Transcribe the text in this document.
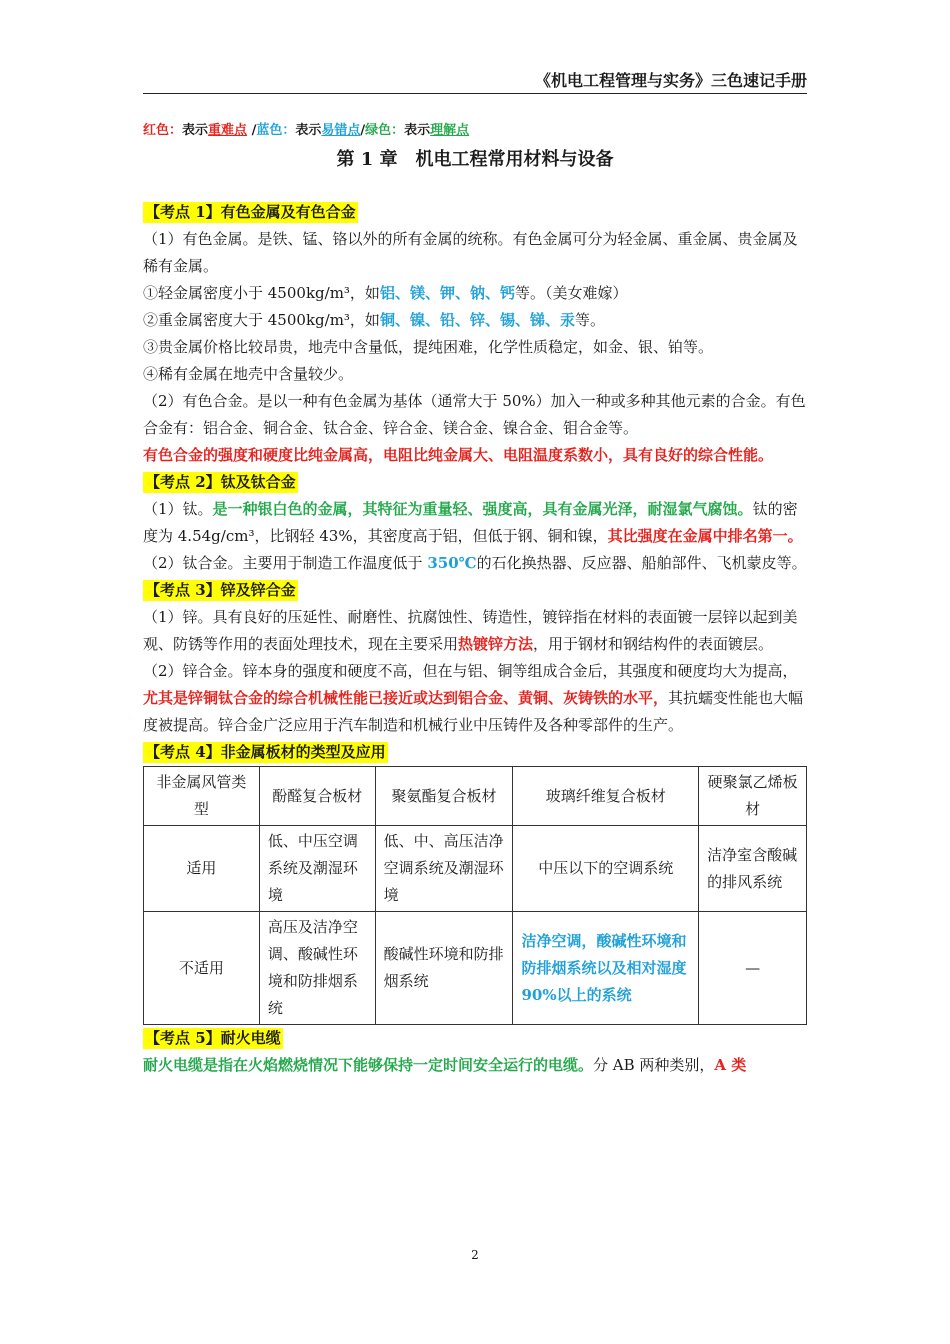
《机电工程管理与实务》三色速记手册
红色：表示重难点 /蓝色：表示易错点/绿色：表示理解点
第 1 章　机电工程常用材料与设备
【考点 1】有色金属及有色合金

（1）有色金属。是铁、锰、铬以外的所有金属的统称。有色金属可分为轻金属、重金属、贵金属及稀有金属。

①轻金属密度小于 4500kg/m³，如铝、镁、钾、钠、钙等。（美女难嫁）

②重金属密度大于 4500kg/m³，如铜、镍、铅、锌、锡、锑、汞等。

③贵金属价格比较昂贵，地壳中含量低，提纯困难，化学性质稳定，如金、银、铂等。

④稀有金属在地壳中含量较少。

（2）有色合金。是以一种有色金属为基体（通常大于 50%）加入一种或多种其他元素的合金。有色合金有：铝合金、铜合金、钛合金、锌合金、镁合金、镍合金、钼合金等。

有色合金的强度和硬度比纯金属高，电阻比纯金属大、电阻温度系数小，具有良好的综合性能。

【考点 2】钛及钛合金

（1）钛。是一种银白色的金属，其特征为重量轻、强度高，具有金属光泽，耐湿氯气腐蚀。钛的密度为 4.54g/cm³，比钢轻 43%，其密度高于铝，但低于钢、铜和镍，其比强度在金属中排名第一。

（2）钛合金。主要用于制造工作温度低于 350℃的石化换热器、反应器、船舶部件、飞机蒙皮等。

【考点 3】锌及锌合金

（1）锌。具有良好的压延性、耐磨性、抗腐蚀性、铸造性，镀锌指在材料的表面镀一层锌以起到美观、防锈等作用的表面处理技术，现在主要采用热镀锌方法，用于钢材和钢结构件的表面镀层。

（2）锌合金。锌本身的强度和硬度不高，但在与铝、铜等组成合金后，其强度和硬度均大为提高，尤其是锌铜钛合金的综合机械性能已接近或达到铝合金、黄铜、灰铸铁的水平，其抗蠕变性能也大幅度被提高。锌合金广泛应用于汽车制造和机械行业中压铸件及各种零部件的生产。

【考点 4】非金属板材的类型及应用
非金属风管类型	酚醛复合板材	聚氨酯复合板材	玻璃纤维复合板材	硬聚氯乙烯板材
适用	低、中压空调系统及潮湿环境	低、中、高压洁净空调系统及潮湿环境	中压以下的空调系统	洁净室含酸碱的排风系统
不适用	高压及洁净空调、酸碱性环境和防排烟系统	酸碱性环境和防排烟系统	洁净空调，酸碱性环境和防排烟系统以及相对湿度 90%以上的系统	—
【考点 5】耐火电缆

耐火电缆是指在火焰燃烧情况下能够保持一定时间安全运行的电缆。分 AB 两种类别，A 类

2
